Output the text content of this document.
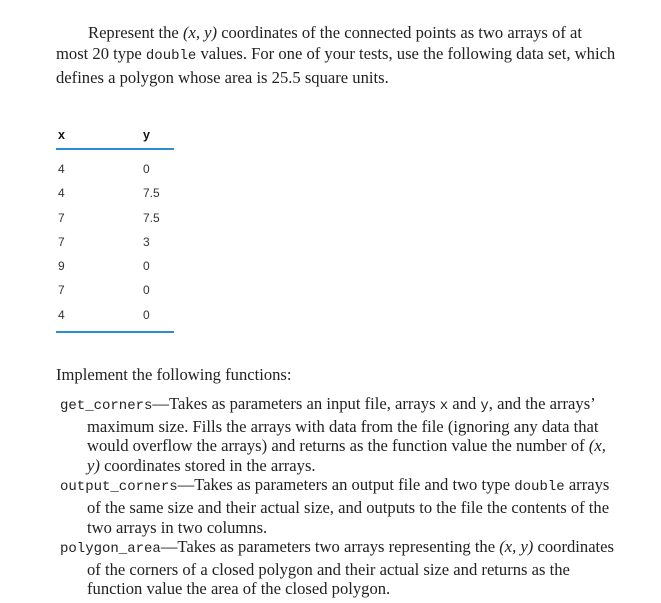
Represent the (x, y) coordinates of the connected points as two arrays of at most 20 type double values. For one of your tests, use the following data set, which defines a polygon whose area is 25.5 square units.

x	y
4	0
4	7.5
7	7.5
7	3
9	0
7	0
4	0
Implement the following functions:

get_corners—Takes as parameters an input file, arrays x and y, and the arrays’ maximum size. Fills the arrays with data from the file (ignoring any data that would overflow the arrays) and returns as the function value the number of (x, y) coordinates stored in the arrays.

output_corners—Takes as parameters an output file and two type double arrays of the same size and their actual size, and outputs to the file the contents of the two arrays in two columns.

polygon_area—Takes as parameters two arrays representing the (x, y) coordinates of the corners of a closed polygon and their actual size and returns as the function value the area of the closed polygon.
